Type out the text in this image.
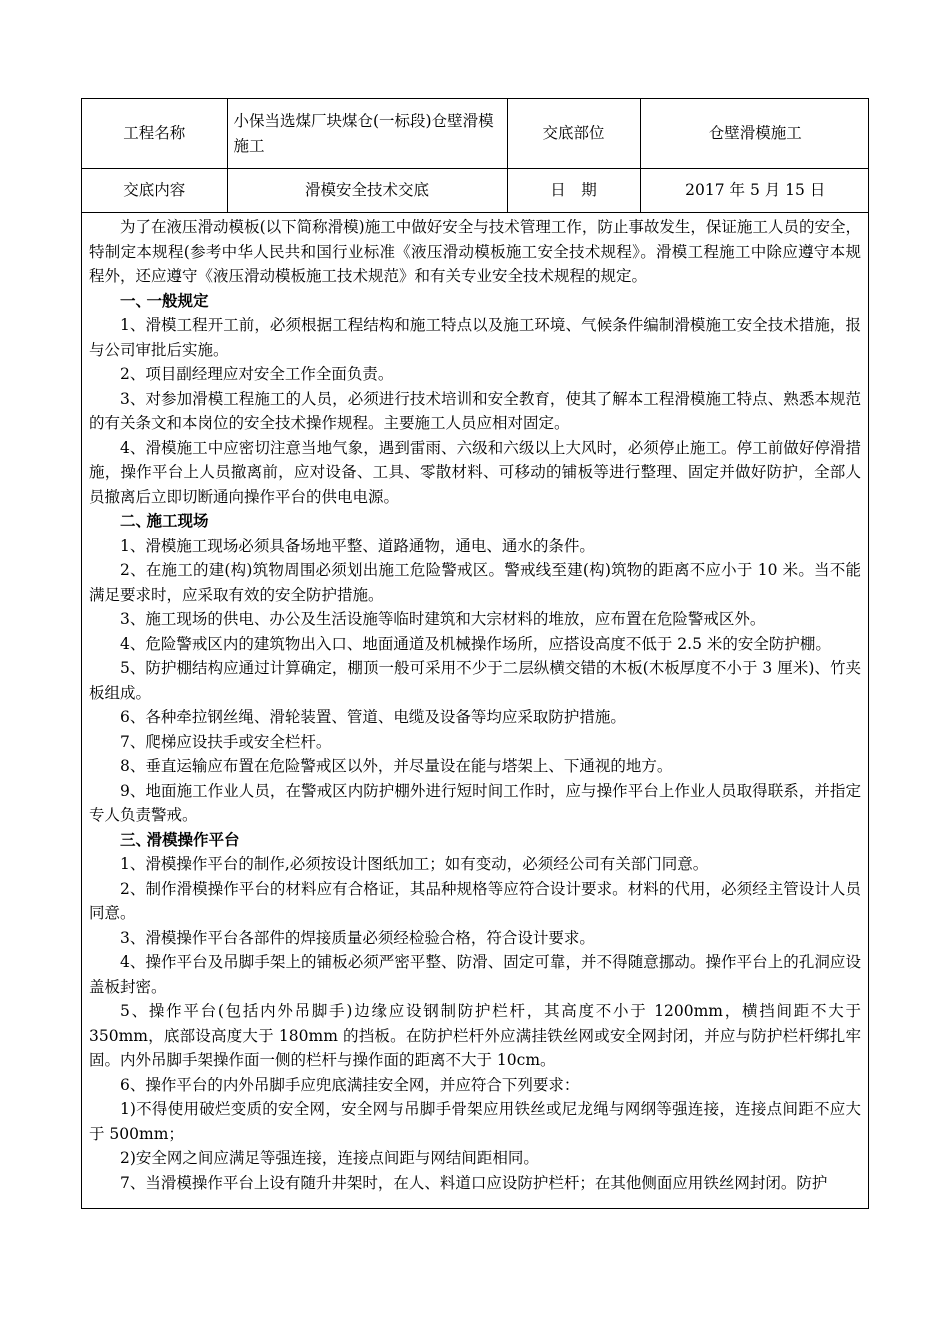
工程名称	小保当选煤厂块煤仓(一标段)仓壁滑模施工	交底部位	仓壁滑模施工
交底内容	滑模安全技术交底	日　期	2017 年 5 月 15 日

为了在液压滑动模板(以下简称滑模)施工中做好安全与技术管理工作，防止事故发生，保证施工人员的安全，特制定本规程(参考中华人民共和国行业标准《液压滑动模板施工安全技术规程》。滑模工程施工中除应遵守本规程外，还应遵守《液压滑动模板施工技术规范》和有关专业安全技术规程的规定。

一、一般规定

1、滑模工程开工前，必须根据工程结构和施工特点以及施工环境、气候条件编制滑模施工安全技术措施，报与公司审批后实施。

2、项目副经理应对安全工作全面负责。

3、对参加滑模工程施工的人员，必须进行技术培训和安全教育，使其了解本工程滑模施工特点、熟悉本规范的有关条文和本岗位的安全技术操作规程。主要施工人员应相对固定。

4、滑模施工中应密切注意当地气象，遇到雷雨、六级和六级以上大风时，必须停止施工。停工前做好停滑措施，操作平台上人员撤离前，应对设备、工具、零散材料、可移动的铺板等进行整理、固定并做好防护，全部人员撤离后立即切断通向操作平台的供电电源。

二、施工现场

1、滑模施工现场必须具备场地平整、道路通物，通电、通水的条件。

2、在施工的建(构)筑物周围必须划出施工危险警戒区。警戒线至建(构)筑物的距离不应小于 10 米。当不能满足要求时，应采取有效的安全防护措施。

3、施工现场的供电、办公及生活设施等临时建筑和大宗材料的堆放，应布置在危险警戒区外。

4、危险警戒区内的建筑物出入口、地面通道及机械操作场所，应搭设高度不低于 2.5 米的安全防护棚。

5、防护棚结构应通过计算确定，棚顶一般可采用不少于二层纵横交错的木板(木板厚度不小于 3 厘米)、竹夹板组成。

6、各种牵拉钢丝绳、滑轮装置、管道、电缆及设备等均应采取防护措施。

7、爬梯应设扶手或安全栏杆。

8、垂直运输应布置在危险警戒区以外，并尽量设在能与塔架上、下通视的地方。

9、地面施工作业人员，在警戒区内防护棚外进行短时间工作时，应与操作平台上作业人员取得联系，并指定专人负责警戒。

三、滑模操作平台

1、滑模操作平台的制作,必须按设计图纸加工；如有变动，必须经公司有关部门同意。

2、制作滑模操作平台的材料应有合格证，其品种规格等应符合设计要求。材料的代用，必须经主管设计人员同意。

3、滑模操作平台各部件的焊接质量必须经检验合格，符合设计要求。

4、操作平台及吊脚手架上的铺板必须严密平整、防滑、固定可靠，并不得随意挪动。操作平台上的孔洞应设盖板封密。

5、操作平台(包括内外吊脚手)边缘应设钢制防护栏杆，其高度不小于 1200mm，横挡间距不大于 350mm，底部设高度大于 180mm 的挡板。在防护栏杆外应满挂铁丝网或安全网封闭，并应与防护栏杆绑扎牢固。内外吊脚手架操作面一侧的栏杆与操作面的距离不大于 10cm。

6、操作平台的内外吊脚手应兜底满挂安全网，并应符合下列要求：

1)不得使用破烂变质的安全网，安全网与吊脚手骨架应用铁丝或尼龙绳与网纲等强连接，连接点间距不应大于 500mm；

2)安全网之间应满足等强连接，连接点间距与网结间距相同。

7、当滑模操作平台上设有随升井架时，在人、料道口应设防护栏杆；在其他侧面应用铁丝网封闭。防护
